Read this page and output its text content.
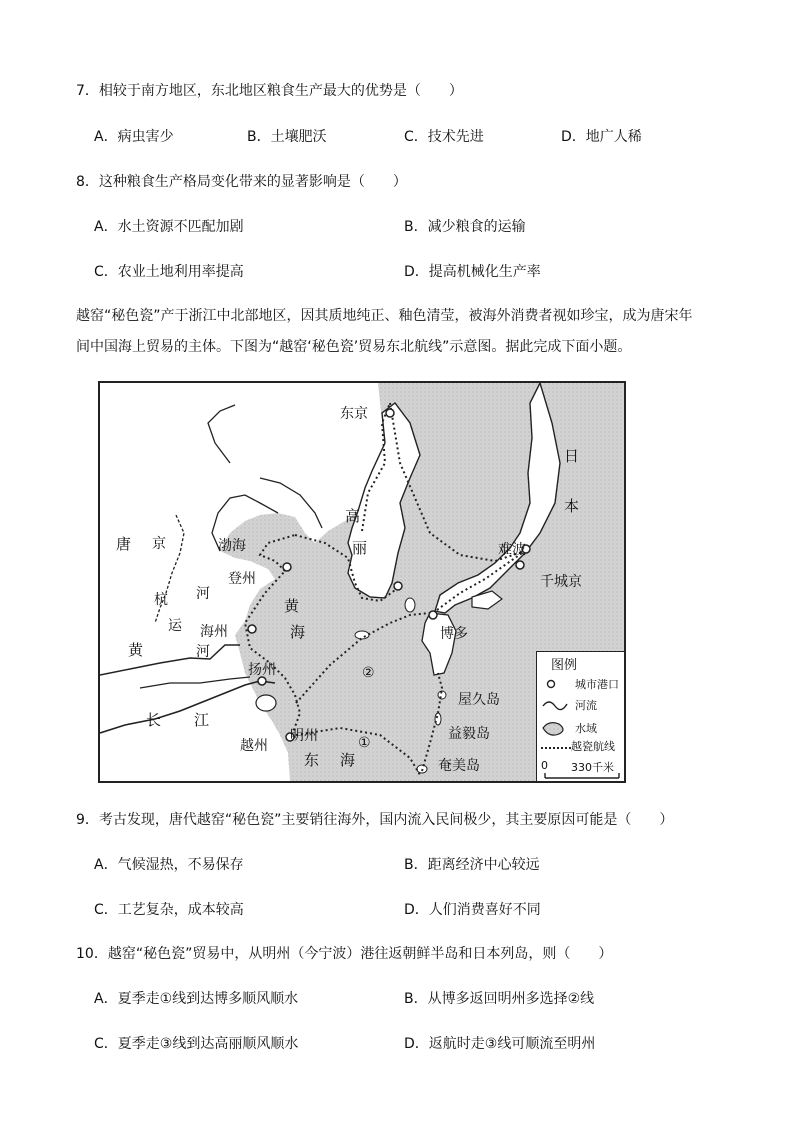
7．相较于南方地区，东北地区粮食生产最大的优势是（　　）
A．病虫害少	B．土壤肥沃	C．技术先进	D．地广人稀
8．这种粮食生产格局变化带来的显著影响是（　　）
A．水土资源不匹配加剧	B．减少粮食的运输
C．农业土地利用率提高	D．提高机械化生产率
越窑“秘色瓷”产于浙江中北部地区，因其质地纯正、釉色清莹，被海外消费者视如珍宝，成为唐宋年
间中国海上贸易的主体。下图为“越窑‘秘色瓷’贸易东北航线”示意图。据此完成下面小题。
东京
日
本
高
丽	难波
千城京
唐 京	渤海
登州
河
黄
海
杭
运 海州	博多
黄	河
扬州	②
屋久岛
长 江
益毅岛
越州
明州
东 海
①
奄美岛
图例
城市港口
河流
水域
越瓷航线
0 330千米
9．考古发现，唐代越窑“秘色瓷”主要销往海外，国内流入民间极少，其主要原因可能是（　　）
A．气候湿热，不易保存	B．距离经济中心较远
C．工艺复杂，成本较高	D．人们消费喜好不同
10．越窑“秘色瓷”贸易中，从明州（今宁波）港往返朝鲜半岛和日本列岛，则（　　）
A．夏季走①线到达博多顺风顺水	B．从博多返回明州多选择②线
C．夏季走③线到达高丽顺风顺水	D．返航时走③线可顺流至明州
